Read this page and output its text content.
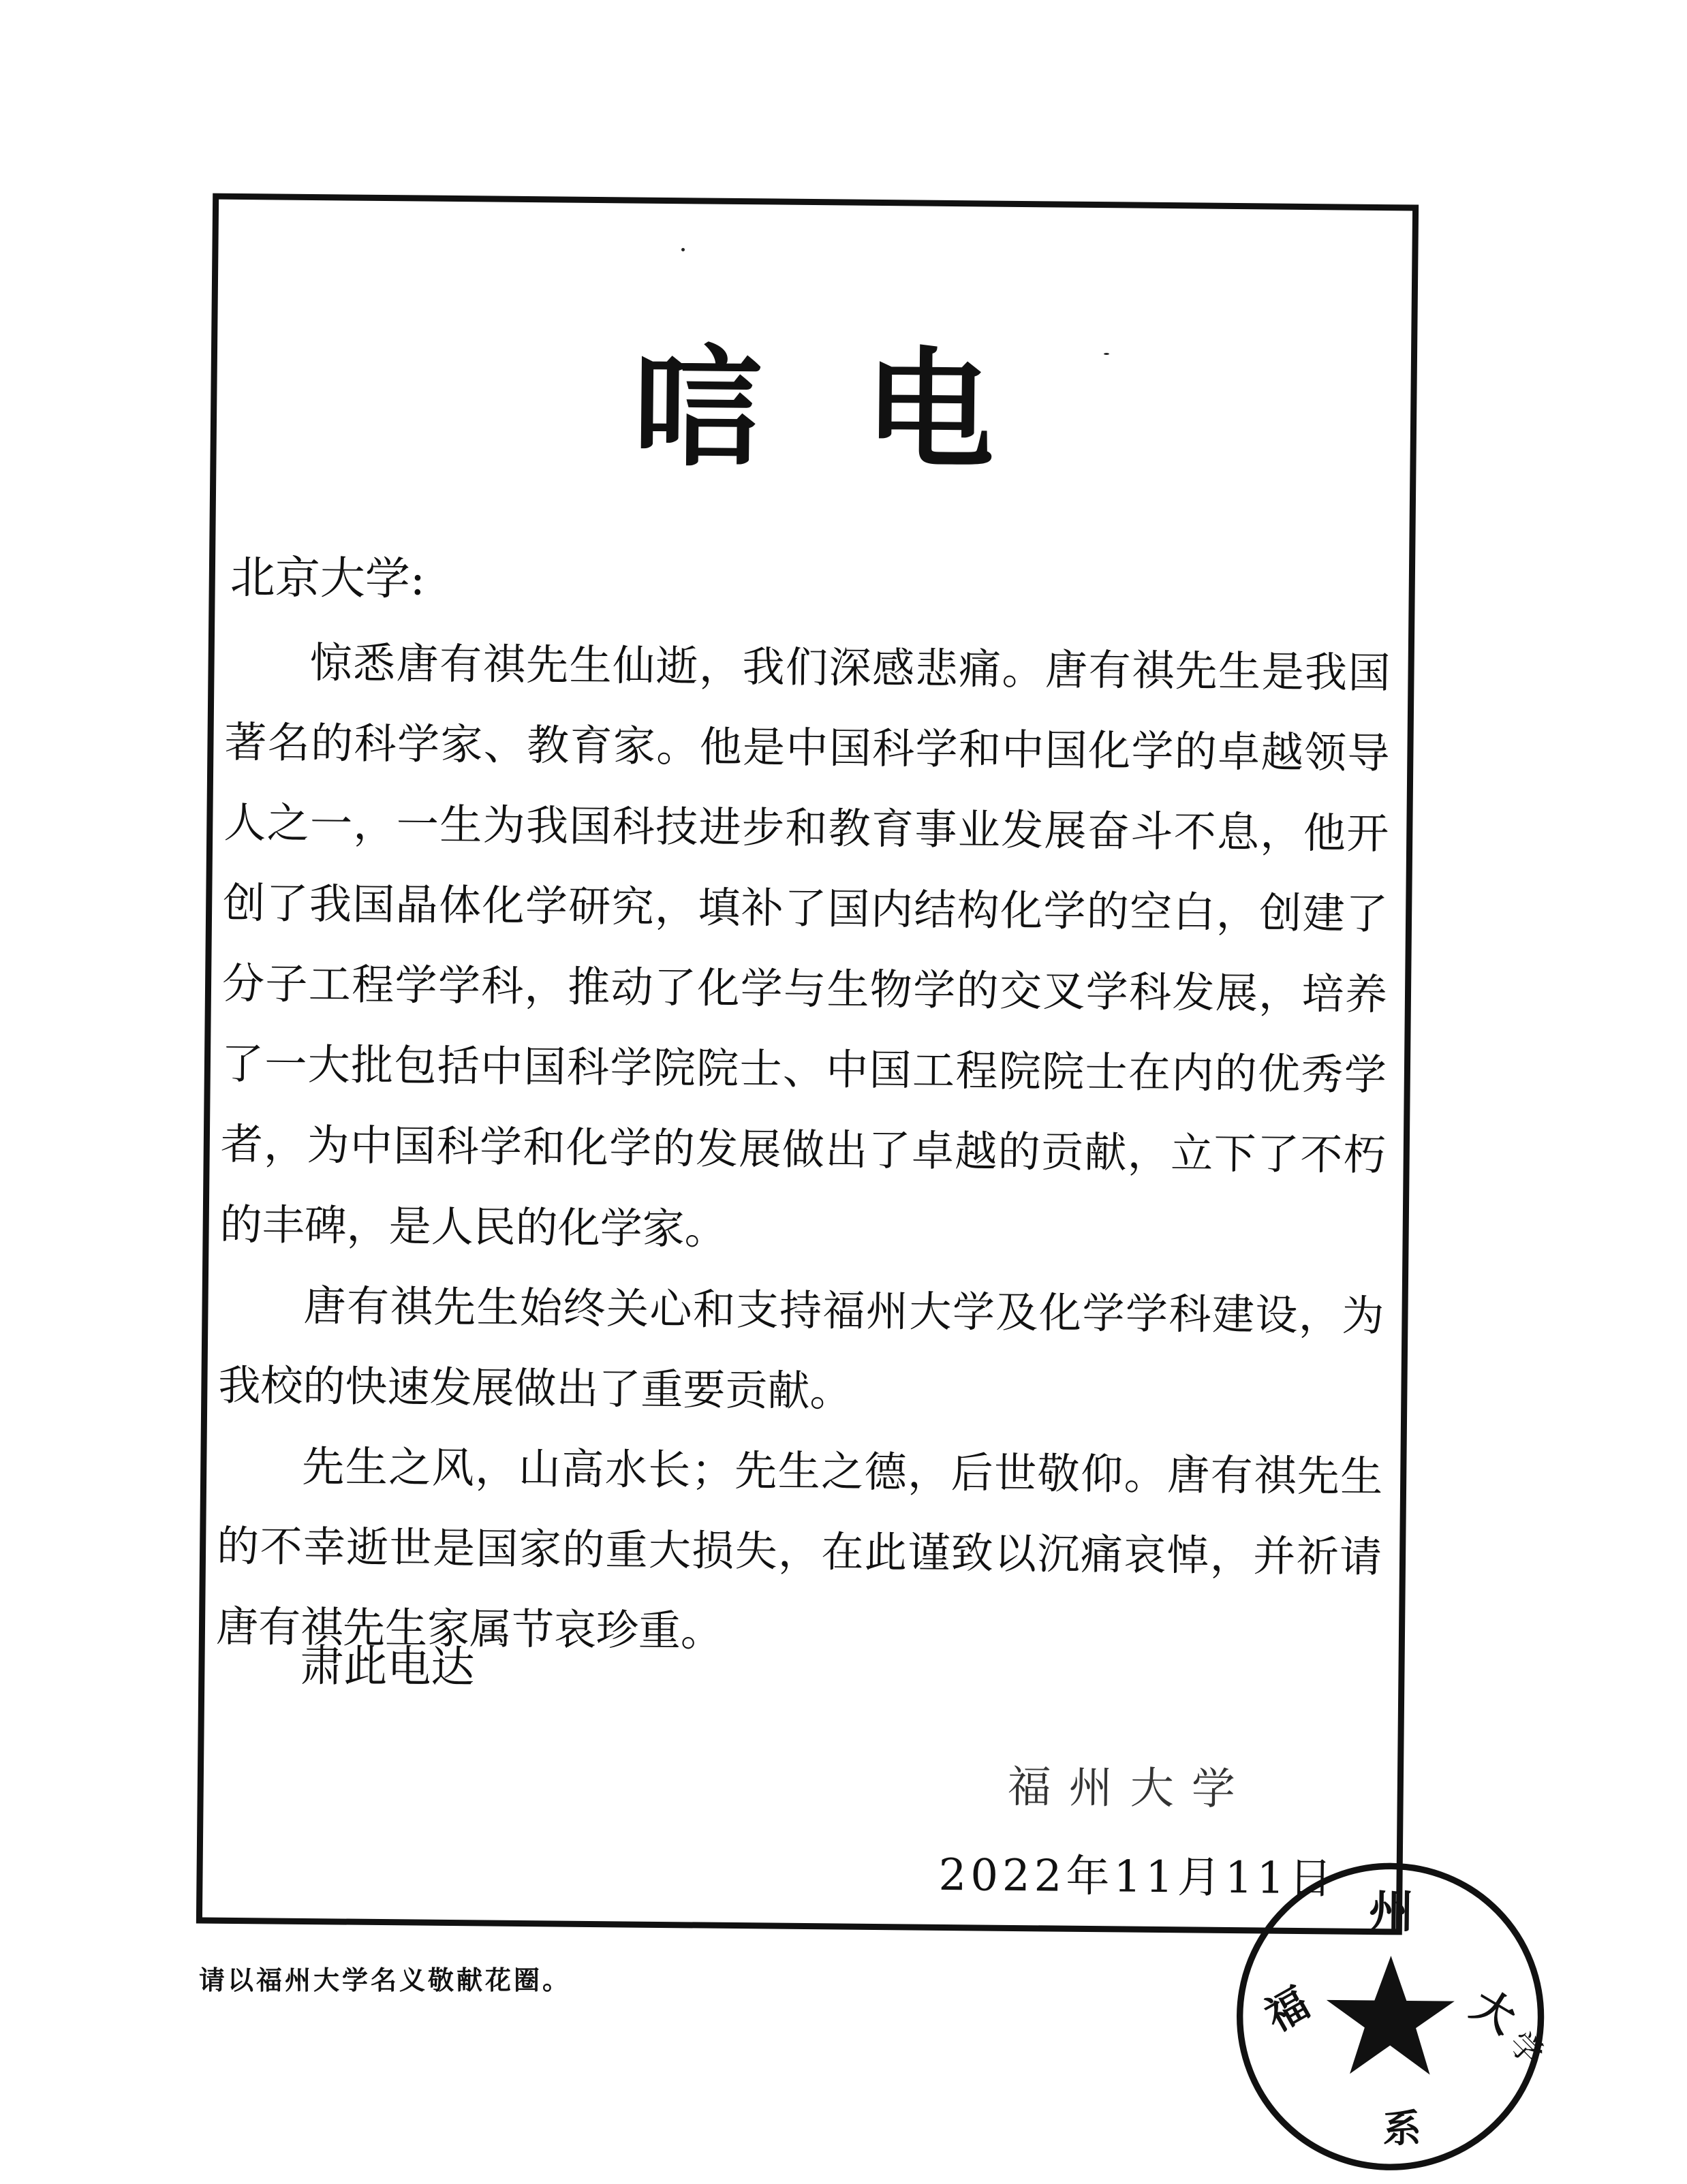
唁电
北京大学:

惊悉唐有祺先生仙逝，我们深感悲痛。唐有祺先生是我国著名的科学家、教育家。他是中国科学和中国化学的卓越领导人之一，一生为我国科技进步和教育事业发展奋斗不息，他开创了我国晶体化学研究，填补了国内结构化学的空白，创建了分子工程学学科，推动了化学与生物学的交叉学科发展，培养了一大批包括中国科学院院士、中国工程院院士在内的优秀学者，为中国科学和化学的发展做出了卓越的贡献，立下了不朽的丰碑，是人民的化学家。

唐有祺先生始终关心和支持福州大学及化学学科建设，为我校的快速发展做出了重要贡献。

先生之风，山高水长；先生之德，后世敬仰。唐有祺先生的不幸逝世是国家的重大损失，在此谨致以沉痛哀悼，并祈请唐有祺先生家属节哀珍重。

肃此电达
福州大学
2022年11月11日
州
福	大
学
系
请以福州大学名义敬献花圈。
